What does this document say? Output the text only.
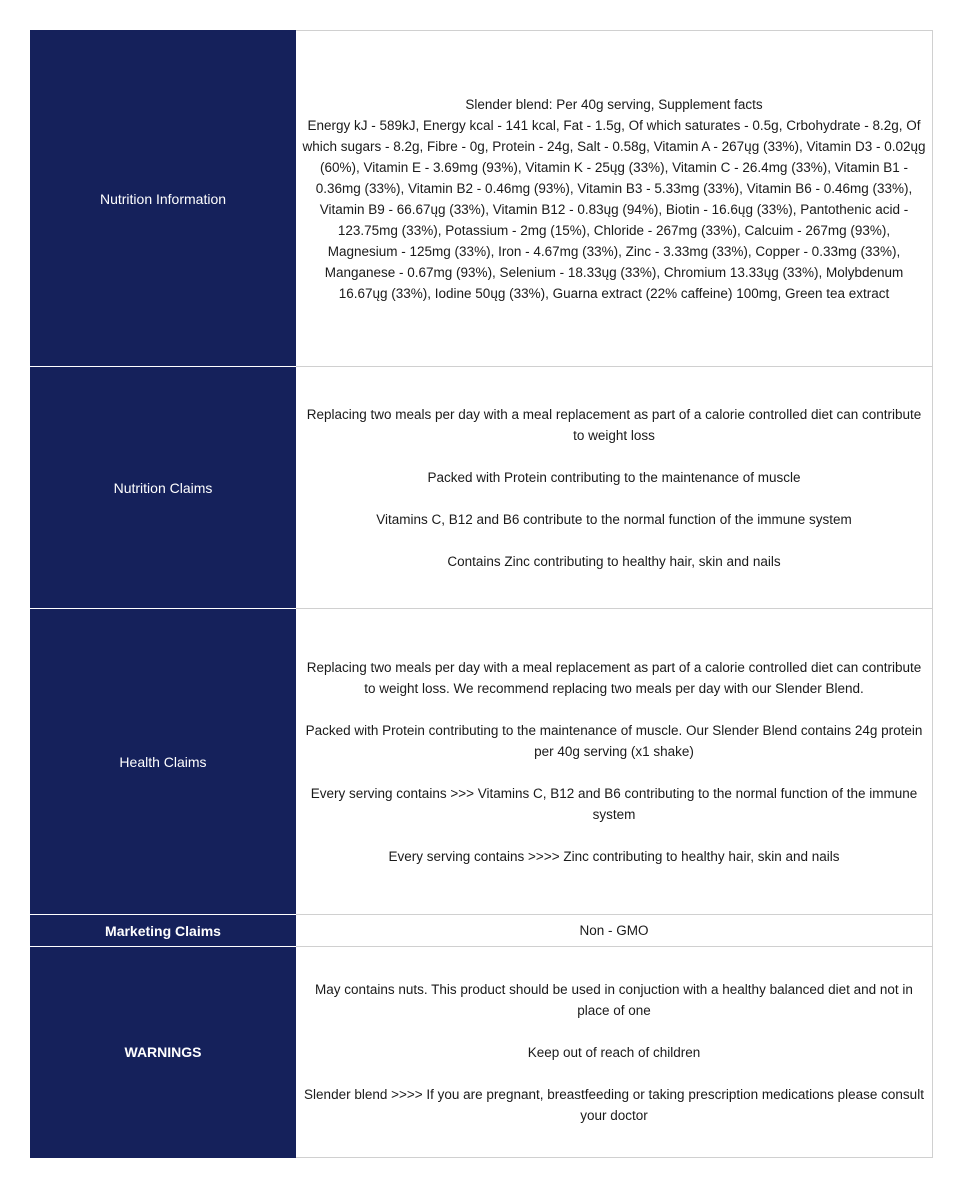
Nutrition Information	Slender blend: Per 40g serving, Supplement facts
Energy kJ - 589kJ, Energy kcal - 141 kcal, Fat - 1.5g, Of which saturates - 0.5g, Crbohydrate - 8.2g, Of which sugars - 8.2g, Fibre - 0g, Protein - 24g, Salt - 0.58g, Vitamin A - 267ųg (33%), Vitamin D3 - 0.02ųg (60%), Vitamin E - 3.69mg (93%), Vitamin K - 25ųg (33%), Vitamin C - 26.4mg (33%), Vitamin B1 - 0.36mg (33%), Vitamin B2 - 0.46mg (93%), Vitamin B3 - 5.33mg (33%), Vitamin B6 - 0.46mg (33%), Vitamin B9 - 66.67ųg (33%), Vitamin B12 - 0.83ųg (94%), Biotin - 16.6ųg (33%), Pantothenic acid - 123.75mg (33%), Potassium - 2mg (15%), Chloride - 267mg (33%), Calcuim - 267mg (93%), Magnesium - 125mg (33%), Iron - 4.67mg (33%), Zinc - 3.33mg (33%), Copper - 0.33mg (33%), Manganese - 0.67mg (93%), Selenium - 18.33ųg (33%), Chromium 13.33ųg (33%), Molybdenum 16.67ųg (33%), Iodine 50ųg (33%), Guarna extract (22% caffeine) 100mg, Green tea extract

Nutrition Claims	Replacing two meals per day with a meal replacement as part of a calorie controlled diet can contribute to weight loss

Packed with Protein contributing to the maintenance of muscle

Vitamins C, B12 and B6 contribute to the normal function of the immune system

Contains Zinc contributing to healthy hair, skin and nails

Health Claims	Replacing two meals per day with a meal replacement as part of a calorie controlled diet can contribute to weight loss. We recommend replacing two meals per day with our Slender Blend.

Packed with Protein contributing to the maintenance of muscle. Our Slender Blend contains 24g protein per 40g serving (x1 shake)

Every serving contains >>> Vitamins C, B12 and B6 contributing to the normal function of the immune system

Every serving contains >>>> Zinc contributing to healthy hair, skin and nails

Marketing Claims	Non - GMO

WARNINGS	May contains nuts. This product should be used in conjuction with a healthy balanced diet and not in place of one

Keep out of reach of children

Slender blend >>>> If you are pregnant, breastfeeding or taking prescription medications please consult your doctor
